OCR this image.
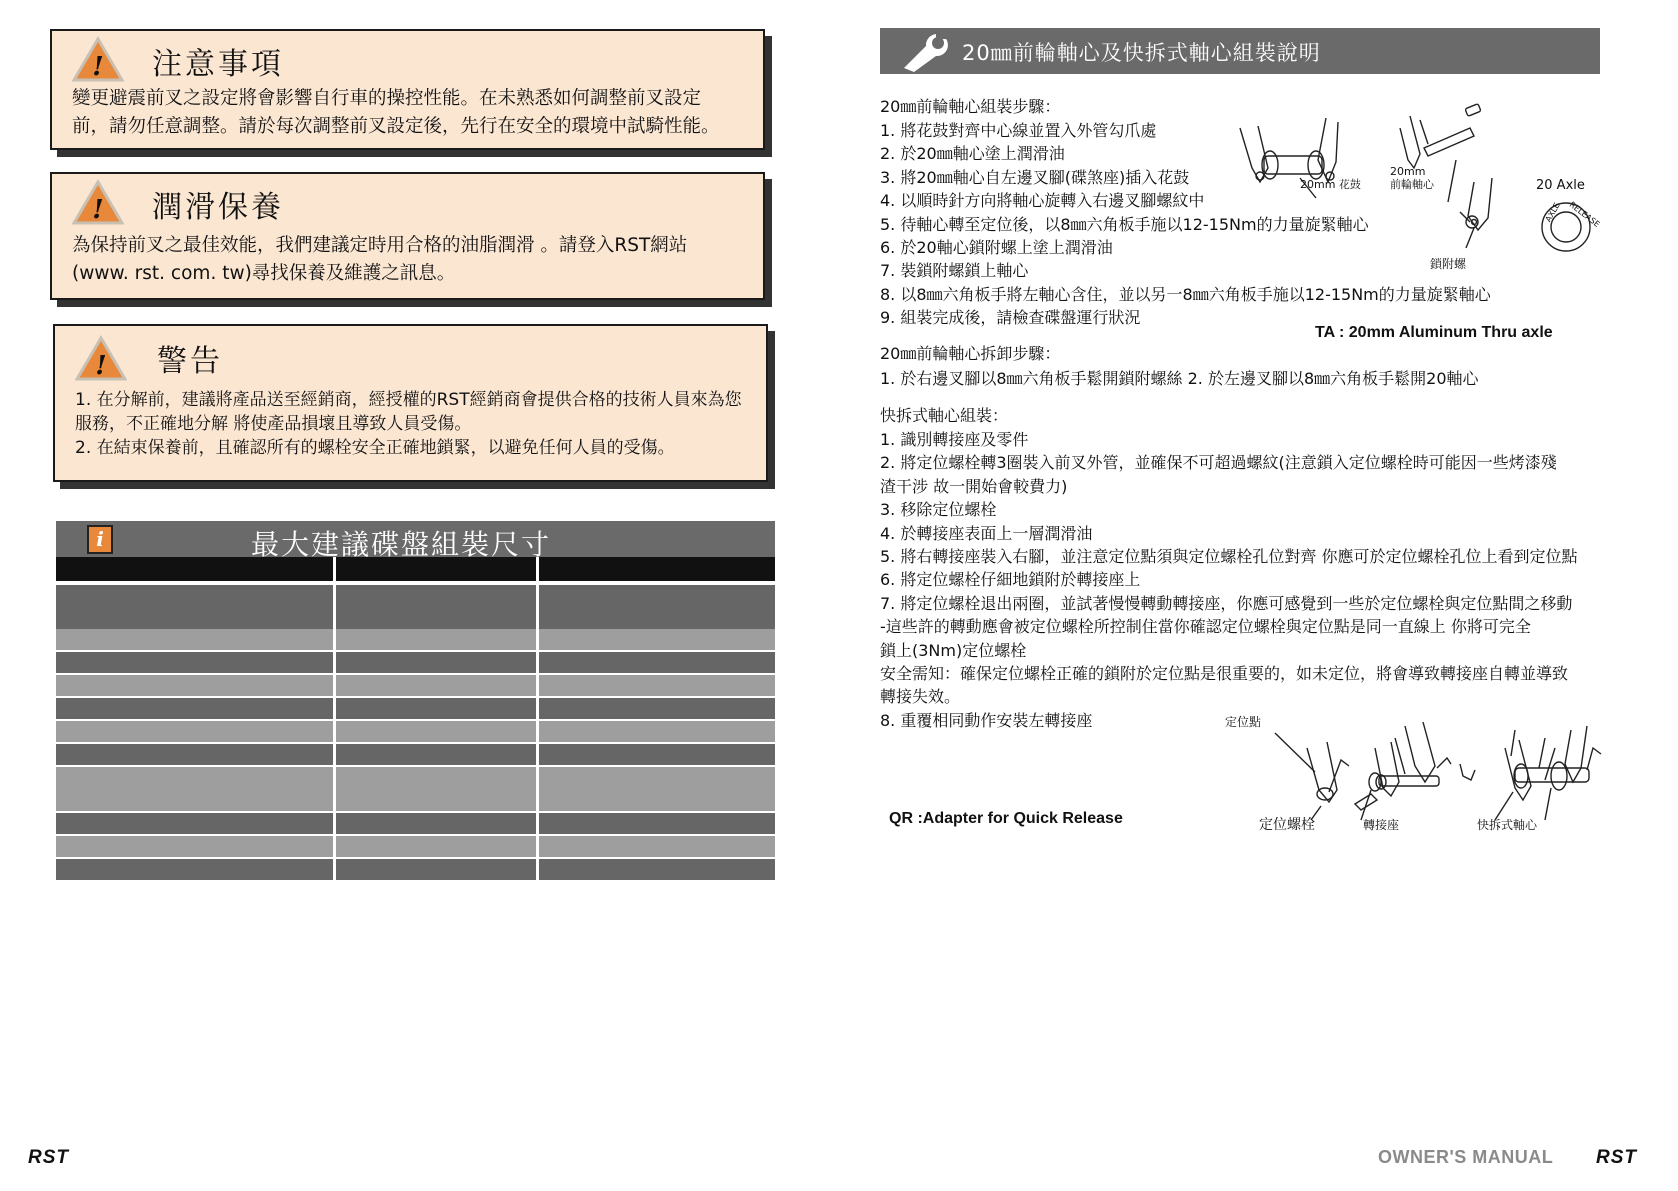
! 注意事項
變更避震前叉之設定將會影響自行車的操控性能。在未熟悉如何調整前叉設定
前，請勿任意調整。請於每次調整前叉設定後，先行在安全的環境中試騎性能。
! 潤滑保養
為保持前叉之最佳效能，我們建議定時用合格的油脂潤滑 。請登入RST網站
(www. rst. com. tw)尋找保養及維護之訊息。
! 警告
1. 在分解前，建議將產品送至經銷商，經授權的RST經銷商會提供合格的技術人員來為您
服務，不正確地分解 將使產品損壞且導致人員受傷。
2. 在結束保養前，且確認所有的螺栓安全正確地鎖緊，以避免任何人員的受傷。
i	最大建議碟盤組裝尺寸
20㎜前輪軸心及快拆式軸心組裝說明
20㎜前輪軸心組裝步驟：
1. 將花鼓對齊中心線並置入外管勾爪處
2. 於20㎜軸心塗上潤滑油
3. 將20㎜軸心自左邊叉腳(碟煞座)插入花鼓
4. 以順時針方向將軸心旋轉入右邊叉腳螺紋中
5. 待軸心轉至定位後，以8㎜六角板手施以12-15Nm的力量旋緊軸心
6. 於20軸心鎖附螺上塗上潤滑油
7. 裝鎖附螺鎖上軸心
8. 以8㎜六角板手將左軸心含住，並以另一8㎜六角板手施以12-15Nm的力量旋緊軸心
9. 組裝完成後，請檢查碟盤運行狀況
20mm 花鼓
20mm
前輪軸心
鎖附螺
20 Axle
AXLE RELEASE
TA : 20mm Aluminum Thru axle
20㎜前輪軸心拆卸步驟：
1. 於右邊叉腳以8㎜六角板手鬆開鎖附螺絲 2. 於左邊叉腳以8㎜六角板手鬆開20軸心
快拆式軸心組裝：
1. 識別轉接座及零件
2. 將定位螺栓轉3圈裝入前叉外管，並確保不可超過螺紋(注意鎖入定位螺栓時可能因一些烤漆殘
渣干涉 故一開始會較費力)
3. 移除定位螺栓
4. 於轉接座表面上一層潤滑油
5. 將右轉接座裝入右腳，並注意定位點須與定位螺栓孔位對齊 你應可於定位螺栓孔位上看到定位點
6. 將定位螺栓仔細地鎖附於轉接座上
7. 將定位螺栓退出兩圈，並試著慢慢轉動轉接座，你應可感覺到一些於定位螺栓與定位點間之移動
-這些許的轉動應會被定位螺栓所控制住當你確認定位螺栓與定位點是同一直線上 你將可完全
鎖上(3Nm)定位螺栓
安全需知：確保定位螺栓正確的鎖附於定位點是很重要的，如未定位，將會導致轉接座自轉並導致
轉接失效。
8. 重覆相同動作安裝左轉接座	定位點
定位螺栓	轉接座	快拆式軸心
QR :Adapter for Quick Release
RST	OWNER'S MANUAL RST
